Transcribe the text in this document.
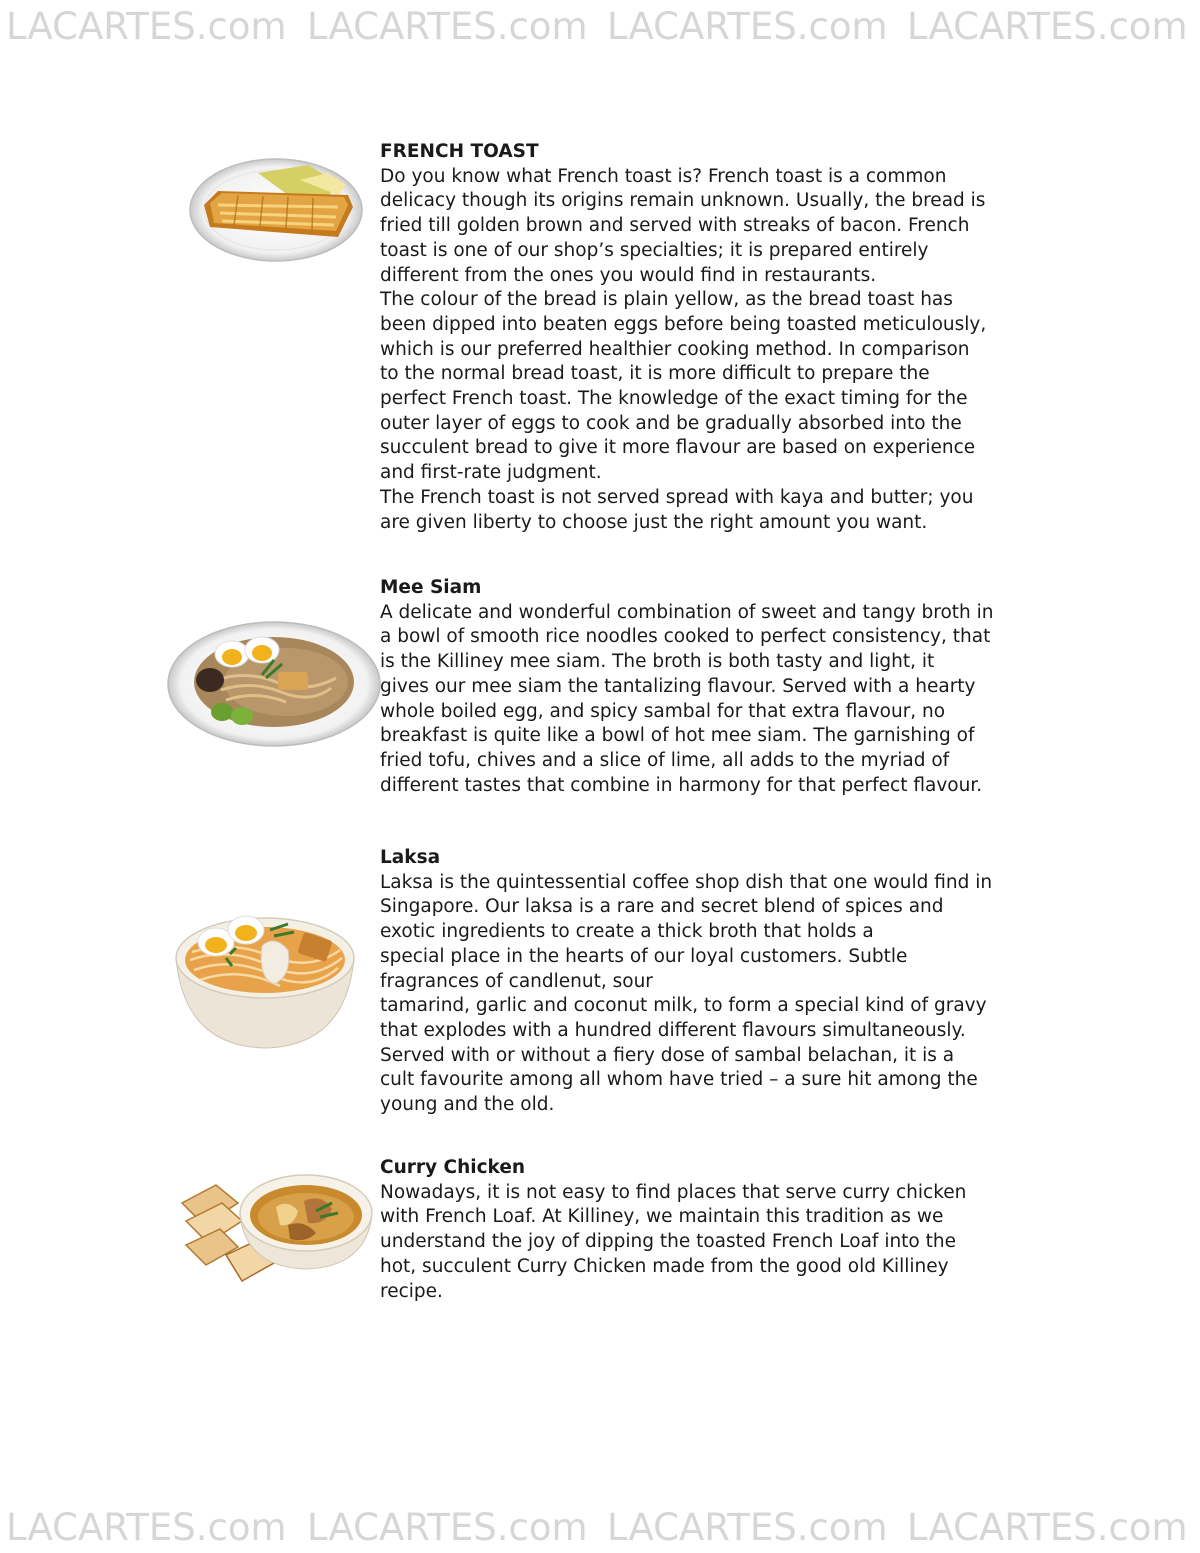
LACARTES.com LACARTES.com LACARTES.com LACARTES.com
FRENCH TOAST
Do you know what French toast is? French toast is a common
delicacy though its origins remain unknown. Usually, the bread is
fried till golden brown and served with streaks of bacon. French
toast is one of our shop’s specialties; it is prepared entirely
different from the ones you would find in restaurants.
The colour of the bread is plain yellow, as the bread toast has
been dipped into beaten eggs before being toasted meticulously,
which is our preferred healthier cooking method. In comparison
to the normal bread toast, it is more difficult to prepare the
perfect French toast. The knowledge of the exact timing for the
outer layer of eggs to cook and be gradually absorbed into the
succulent bread to give it more flavour are based on experience
and first-rate judgment.
The French toast is not served spread with kaya and butter; you
are given liberty to choose just the right amount you want.
Mee Siam
A delicate and wonderful combination of sweet and tangy broth in
a bowl of smooth rice noodles cooked to perfect consistency, that
is the Killiney mee siam. The broth is both tasty and light, it
gives our mee siam the tantalizing flavour. Served with a hearty
whole boiled egg, and spicy sambal for that extra flavour, no
breakfast is quite like a bowl of hot mee siam. The garnishing of
fried tofu, chives and a slice of lime, all adds to the myriad of
different tastes that combine in harmony for that perfect flavour.
Laksa
Laksa is the quintessential coffee shop dish that one would find in
Singapore. Our laksa is a rare and secret blend of spices and
exotic ingredients to create a thick broth that holds a
special place in the hearts of our loyal customers. Subtle
fragrances of candlenut, sour
tamarind, garlic and coconut milk, to form a special kind of gravy
that explodes with a hundred different flavours simultaneously.
Served with or without a fiery dose of sambal belachan, it is a
cult favourite among all whom have tried – a sure hit among the
young and the old.
Curry Chicken
Nowadays, it is not easy to find places that serve curry chicken
with French Loaf. At Killiney, we maintain this tradition as we
understand the joy of dipping the toasted French Loaf into the
hot, succulent Curry Chicken made from the good old Killiney
recipe.
LACARTES.com LACARTES.com LACARTES.com LACARTES.com
